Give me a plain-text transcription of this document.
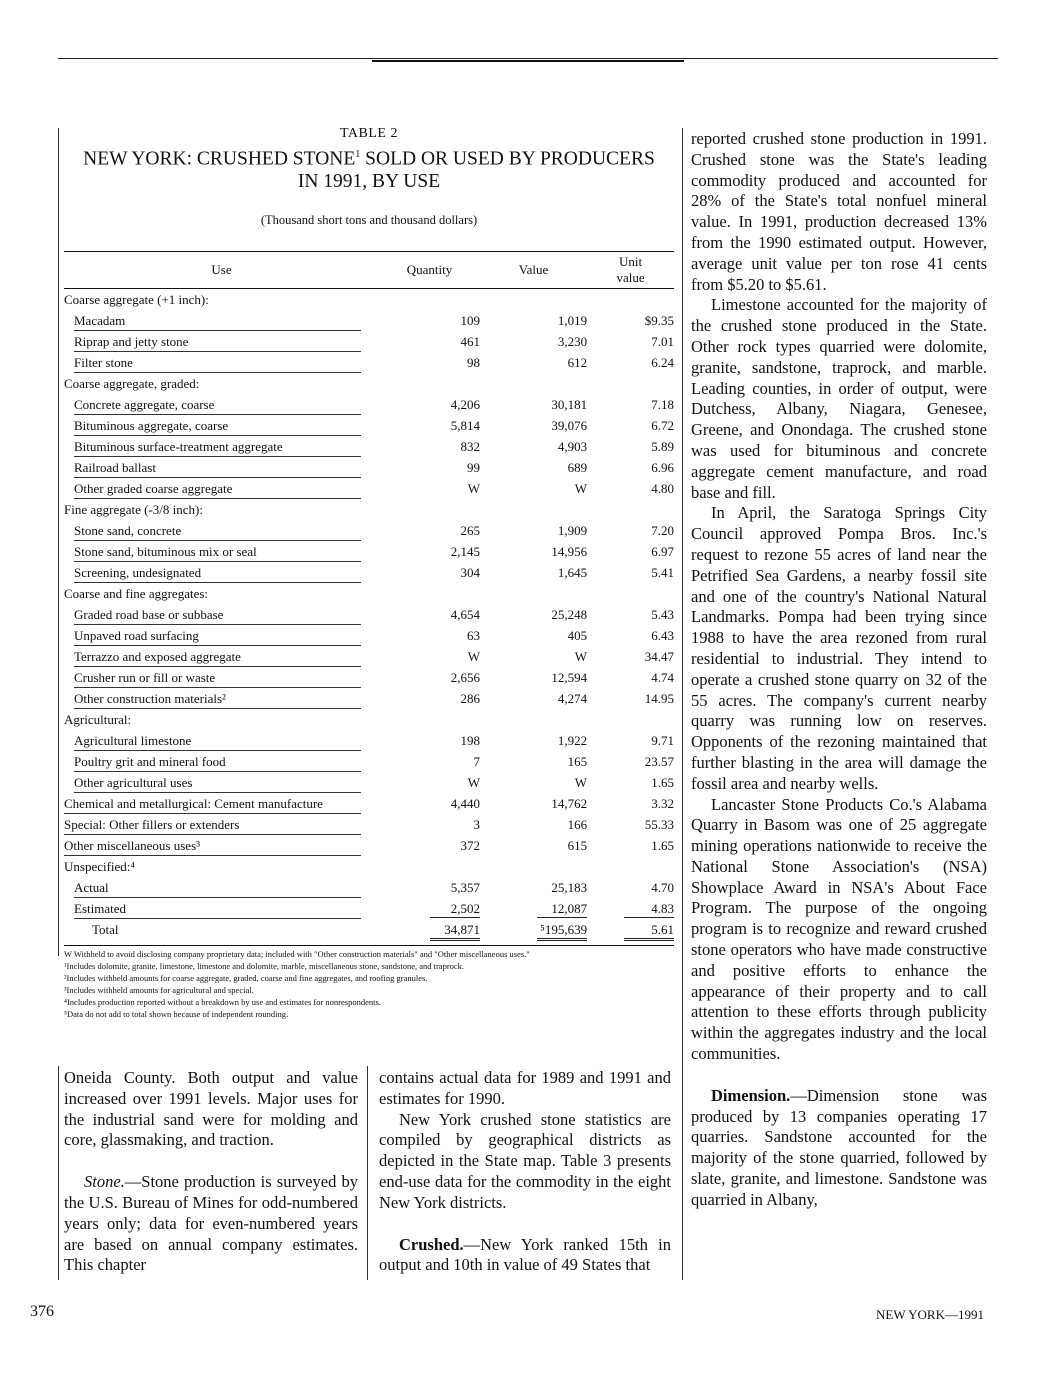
TABLE 2
NEW YORK: CRUSHED STONE$^1$ SOLD OR USED BY PRODUCERS
IN 1991, BY USE
(Thousand short tons and thousand dollars)
Use	Quantity	Value	Unit
value
Coarse aggregate (+1 inch):			
Macadam	109	1,019	$9.35
Riprap and jetty stone	461	3,230	7.01
Filter stone	98	612	6.24
Coarse aggregate, graded:			
Concrete aggregate, coarse	4,206	30,181	7.18
Bituminous aggregate, coarse	5,814	39,076	6.72
Bituminous surface-treatment aggregate	832	4,903	5.89
Railroad ballast	99	689	6.96
Other graded coarse aggregate	W	W	4.80
Fine aggregate (-3/8 inch):			
Stone sand, concrete	265	1,909	7.20
Stone sand, bituminous mix or seal	2,145	14,956	6.97
Screening, undesignated	304	1,645	5.41
Coarse and fine aggregates:			
Graded road base or subbase	4,654	25,248	5.43
Unpaved road surfacing	63	405	6.43
Terrazzo and exposed aggregate	W	W	34.47
Crusher run or fill or waste	2,656	12,594	4.74
Other construction materials²	286	4,274	14.95
Agricultural:			
Agricultural limestone	198	1,922	9.71
Poultry grit and mineral food	7	165	23.57
Other agricultural uses	W	W	1.65
Chemical and metallurgical: Cement manufacture	4,440	14,762	3.32
Special: Other fillers or extenders	3	166	55.33
Other miscellaneous uses³	372	615	1.65
Unspecified:⁴			
Actual	5,357	25,183	4.70
Estimated	2,502	12,087	4.83
Total	34,871	⁵195,639	5.61
W Withheld to avoid disclosing company proprietary data; included with "Other construction materials" and "Other miscellaneous uses."
¹Includes dolomite, granite, limestone, limestone and dolomite, marble, miscellaneous stone, sandstone, and traprock.
²Includes withheld amounts for coarse aggregate, graded, coarse and fine aggregates, and roofing granules.
³Includes withheld amounts for agricultural and special.
⁴Includes production reported without a breakdown by use and estimates for nonrespondents.
⁵Data do not add to total shown because of independent rounding.

Oneida County. Both output and value increased over 1991 levels. Major uses for the industrial sand were for molding and core, glassmaking, and traction.

Stone.—Stone production is surveyed by the U.S. Bureau of Mines for odd-numbered years only; data for even-numbered years are based on annual company estimates. This chapter

contains actual data for 1989 and 1991 and estimates for 1990.

New York crushed stone statistics are compiled by geographical districts as depicted in the State map. Table 3 presents end-use data for the commodity in the eight New York districts.

Crushed.—New York ranked 15th in output and 10th in value of 49 States that

reported crushed stone production in 1991. Crushed stone was the State's leading commodity produced and accounted for 28% of the State's total nonfuel mineral value. In 1991, production decreased 13% from the 1990 estimated output. However, average unit value per ton rose 41 cents from $5.20 to $5.61.

Limestone accounted for the majority of the crushed stone produced in the State. Other rock types quarried were dolomite, granite, sandstone, traprock, and marble. Leading counties, in order of output, were Dutchess, Albany, Niagara, Genesee, Greene, and Onondaga. The crushed stone was used for bituminous and concrete aggregate cement manufacture, and road base and fill.

In April, the Saratoga Springs City Council approved Pompa Bros. Inc.'s request to rezone 55 acres of land near the Petrified Sea Gardens, a nearby fossil site and one of the country's National Natural Landmarks. Pompa had been trying since 1988 to have the area rezoned from rural residential to industrial. They intend to operate a crushed stone quarry on 32 of the 55 acres. The company's current nearby quarry was running low on reserves. Opponents of the rezoning maintained that further blasting in the area will damage the fossil area and nearby wells.

Lancaster Stone Products Co.'s Alabama Quarry in Basom was one of 25 aggregate mining operations nationwide to receive the National Stone Association's (NSA) Showplace Award in NSA's About Face Program. The purpose of the ongoing program is to recognize and reward crushed stone operators who have made constructive and positive efforts to enhance the appearance of their property and to call attention to these efforts through publicity within the aggregates industry and the local communities.

Dimension.—Dimension stone was produced by 13 companies operating 17 quarries. Sandstone accounted for the majority of the stone quarried, followed by slate, granite, and limestone. Sandstone was quarried in Albany,

376	NEW YORK—1991
